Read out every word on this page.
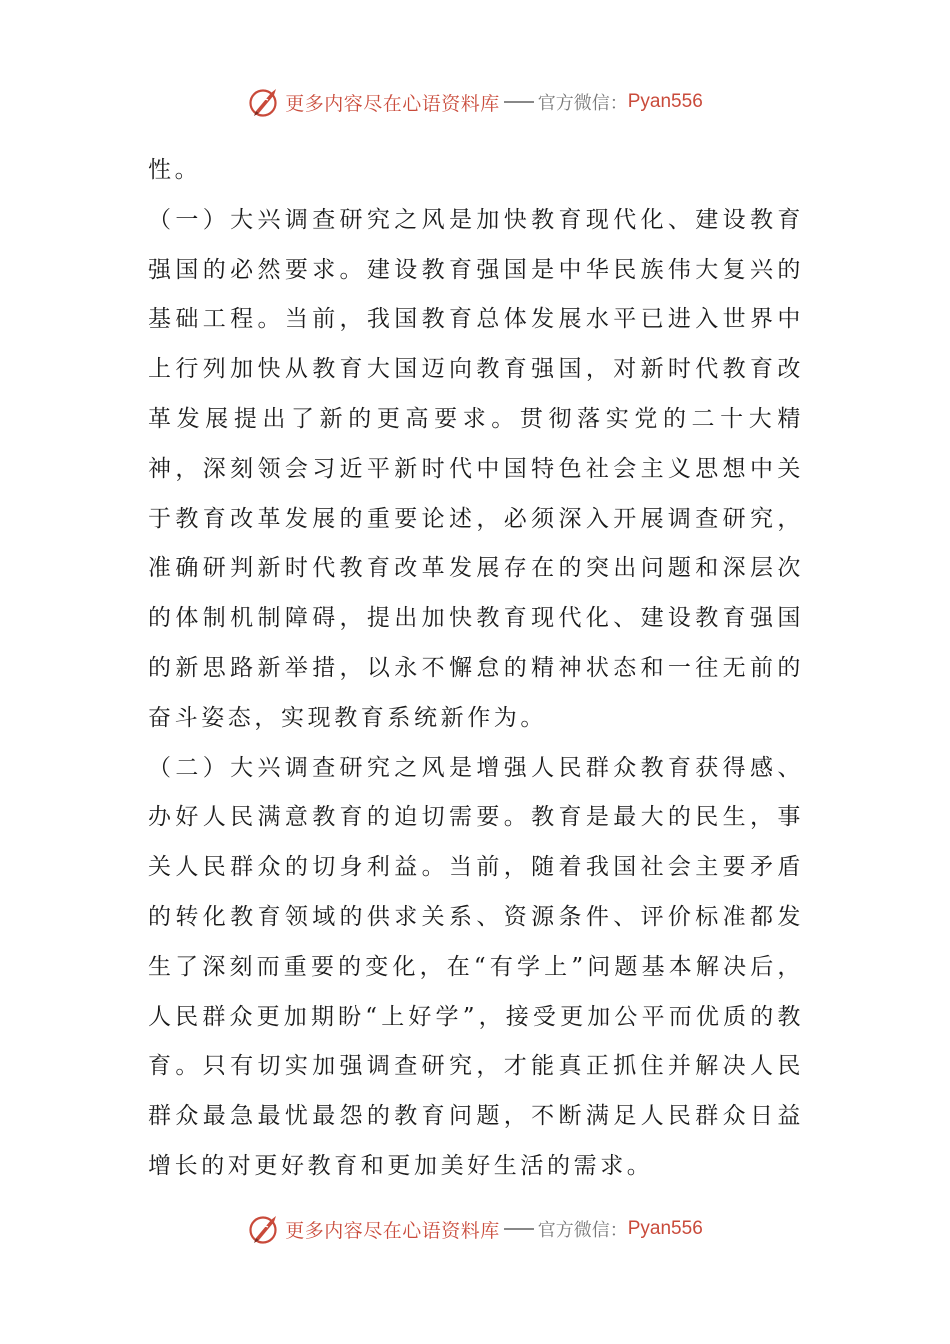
更多内容尽在心语资料库 官方微信： Pyan556

性。

（一）大兴调查研究之风是加快教育现代化、建设教育强国的必然要求。建设教育强国是中华民族伟大复兴的基础工程。当前，我国教育总体发展水平已进入世界中上行列加快从教育大国迈向教育强国，对新时代教育改革发展提出了新的更高要求。贯彻落实党的二十大精神，深刻领会习近平新时代中国特色社会主义思想中关于教育改革发展的重要论述，必须深入开展调查研究，准确研判新时代教育改革发展存在的突出问题和深层次的体制机制障碍，提出加快教育现代化、建设教育强国的新思路新举措，以永不懈怠的精神状态和一往无前的奋斗姿态，实现教育系统新作为。

（二）大兴调查研究之风是增强人民群众教育获得感、办好人民满意教育的迫切需要。教育是最大的民生，事关人民群众的切身利益。当前，随着我国社会主要矛盾的转化教育领域的供求关系、资源条件、评价标准都发生了深刻而重要的变化，在“有学上”问题基本解决后，人民群众更加期盼“上好学”，接受更加公平而优质的教育。只有切实加强调查研究，才能真正抓住并解决人民群众最急最忧最怨的教育问题，不断满足人民群众日益增长的对更好教育和更加美好生活的需求。

更多内容尽在心语资料库 官方微信： Pyan556
